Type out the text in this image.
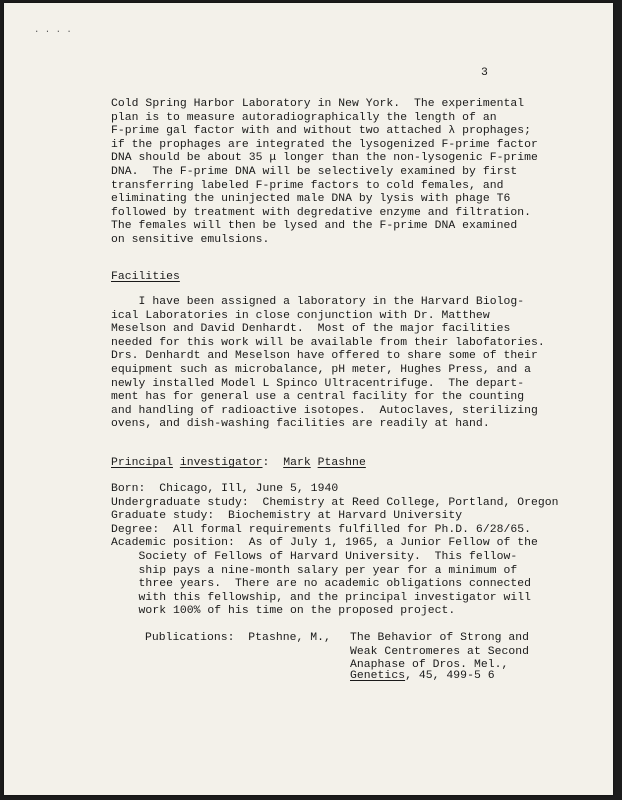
. . . .
3
Cold Spring Harbor Laboratory in New York.  The experimental
plan is to measure autoradiographically the length of an
F-prime gal factor with and without two attached λ prophages;
if the prophages are integrated the lysogenized F-prime factor
DNA should be about 35 μ longer than the non-lysogenic F-prime
DNA.  The F-prime DNA will be selectively examined by first
transferring labeled F-prime factors to cold females, and
eliminating the uninjected male DNA by lysis with phage T6
followed by treatment with degredative enzyme and filtration.
The females will then be lysed and the F-prime DNA examined
on sensitive emulsions.
Facilities
I have been assigned a laboratory in the Harvard Biolog-
ical Laboratories in close conjunction with Dr. Matthew
Meselson and David Denhardt.  Most of the major facilities
needed for this work will be available from their labofatories.
Drs. Denhardt and Meselson have offered to share some of their
equipment such as microbalance, pH meter, Hughes Press, and a
newly installed Model L Spinco Ultracentrifuge.  The depart-
ment has for general use a central facility for the counting
and handling of radioactive isotopes.  Autoclaves, sterilizing
ovens, and dish-washing facilities are readily at hand.
Principal investigator: Mark Ptashne
Born:  Chicago, Ill, June 5, 1940
Undergraduate study:  Chemistry at Reed College, Portland, Oregon
Graduate study:  Biochemistry at Harvard University
Degree:  All formal requirements fulfilled for Ph.D. 6/28/65.
Academic position:  As of July 1, 1965, a Junior Fellow of the
Society of Fellows of Harvard University.  This fellow-
ship pays a nine-month salary per year for a minimum of
three years.  There are no academic obligations connected
with this fellowship, and the principal investigator will
work 100% of his time on the proposed project.
Publications:  Ptashne, M., The Behavior of Strong and
Weak Centromeres at Second
Anaphase of Dros. Mel.,
Genetics, 45, 499-5 6
